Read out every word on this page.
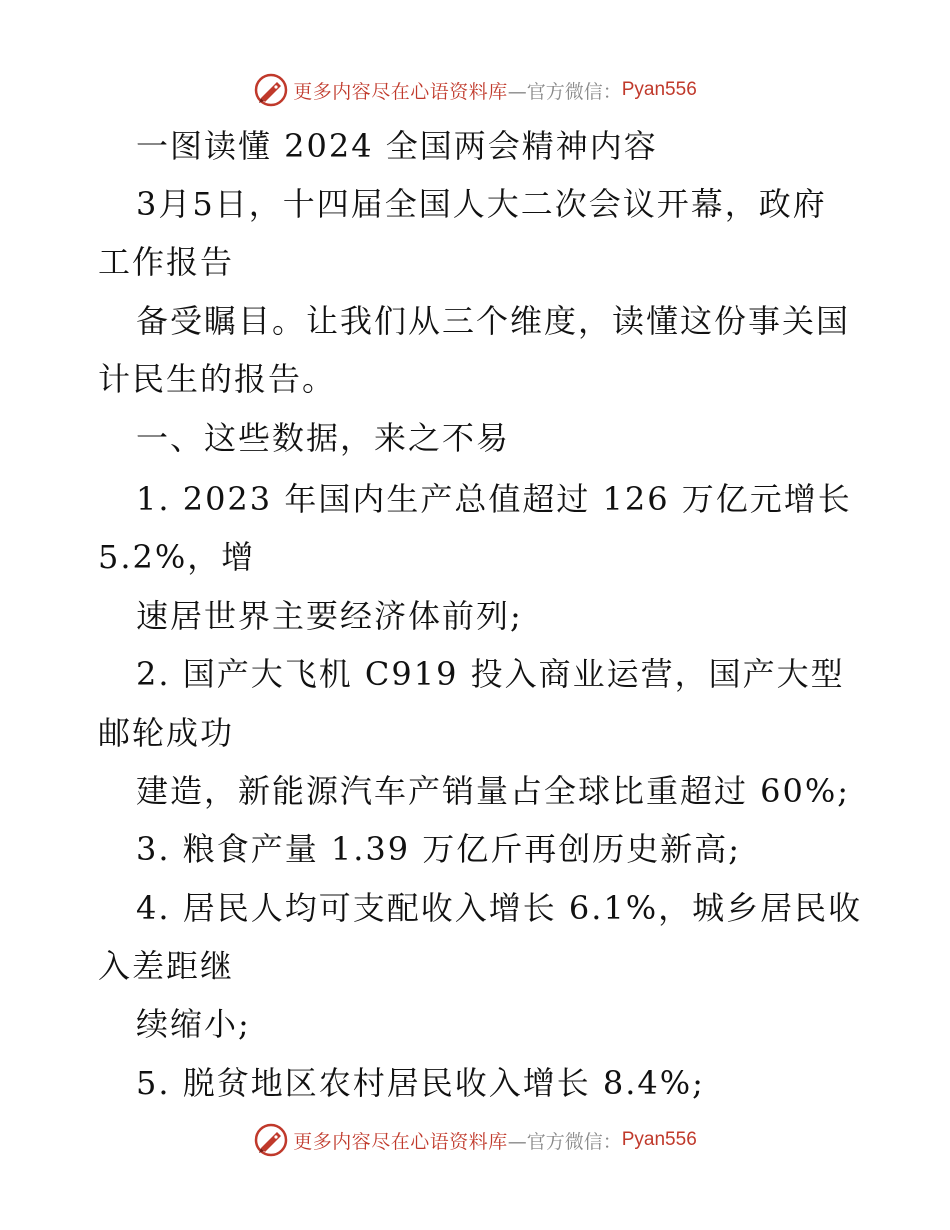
更多内容尽在心语资料库 —官方微信： Pyan556
一图读懂 2024 全国两会精神内容
3月5日，十四届全国人大二次会议开幕，政府
工作报告
备受瞩目。让我们从三个维度，读懂这份事关国
计民生的报告。
一、这些数据，来之不易
1. 2023 年国内生产总值超过 126 万亿元增长
5.2%，增
速居世界主要经济体前列;
2. 国产大飞机 C919 投入商业运营，国产大型
邮轮成功
建造，新能源汽车产销量占全球比重超过 60%;
3. 粮食产量 1.39 万亿斤再创历史新高;
4. 居民人均可支配收入增长 6.1%，城乡居民收
入差距继
续缩小;
5. 脱贫地区农村居民收入增长 8.4%;
更多内容尽在心语资料库 —官方微信： Pyan556
